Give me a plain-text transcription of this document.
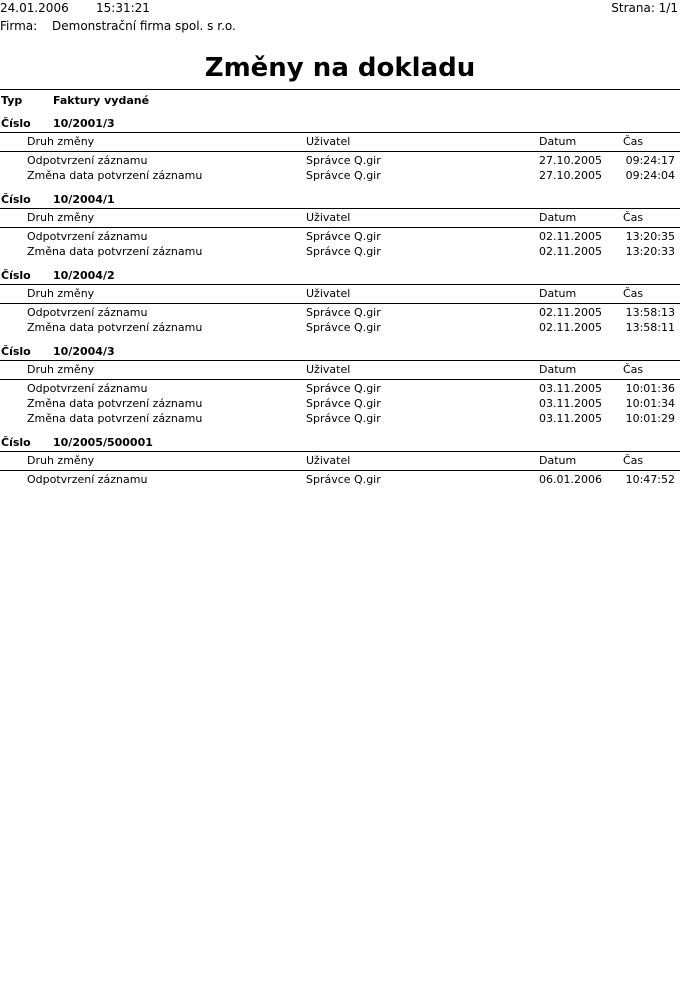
24.01.2006 15:31:21	Strana: 1/1
Firma: Demonstrační firma spol. s r.o.
Změny na dokladu
Typ	Faktury vydané
Číslo 10/2001/3
Druh změny	Uživatel	Datum	Čas
Odpotvrzení záznamu	Správce Q.gir	27.10.2005 09:24:17
Změna data potvrzení záznamu	Správce Q.gir	27.10.2005 09:24:04
Číslo 10/2004/1
Druh změny	Uživatel	Datum	Čas
Odpotvrzení záznamu	Správce Q.gir	02.11.2005 13:20:35
Změna data potvrzení záznamu	Správce Q.gir	02.11.2005 13:20:33
Číslo 10/2004/2
Druh změny	Uživatel	Datum	Čas
Odpotvrzení záznamu	Správce Q.gir	02.11.2005 13:58:13
Změna data potvrzení záznamu	Správce Q.gir	02.11.2005 13:58:11
Číslo 10/2004/3
Druh změny	Uživatel	Datum	Čas
Odpotvrzení záznamu	Správce Q.gir	03.11.2005 10:01:36
Změna data potvrzení záznamu	Správce Q.gir	03.11.2005 10:01:34
Změna data potvrzení záznamu	Správce Q.gir	03.11.2005 10:01:29
Číslo 10/2005/500001
Druh změny	Uživatel	Datum	Čas
Odpotvrzení záznamu	Správce Q.gir	06.01.2006 10:47:52
